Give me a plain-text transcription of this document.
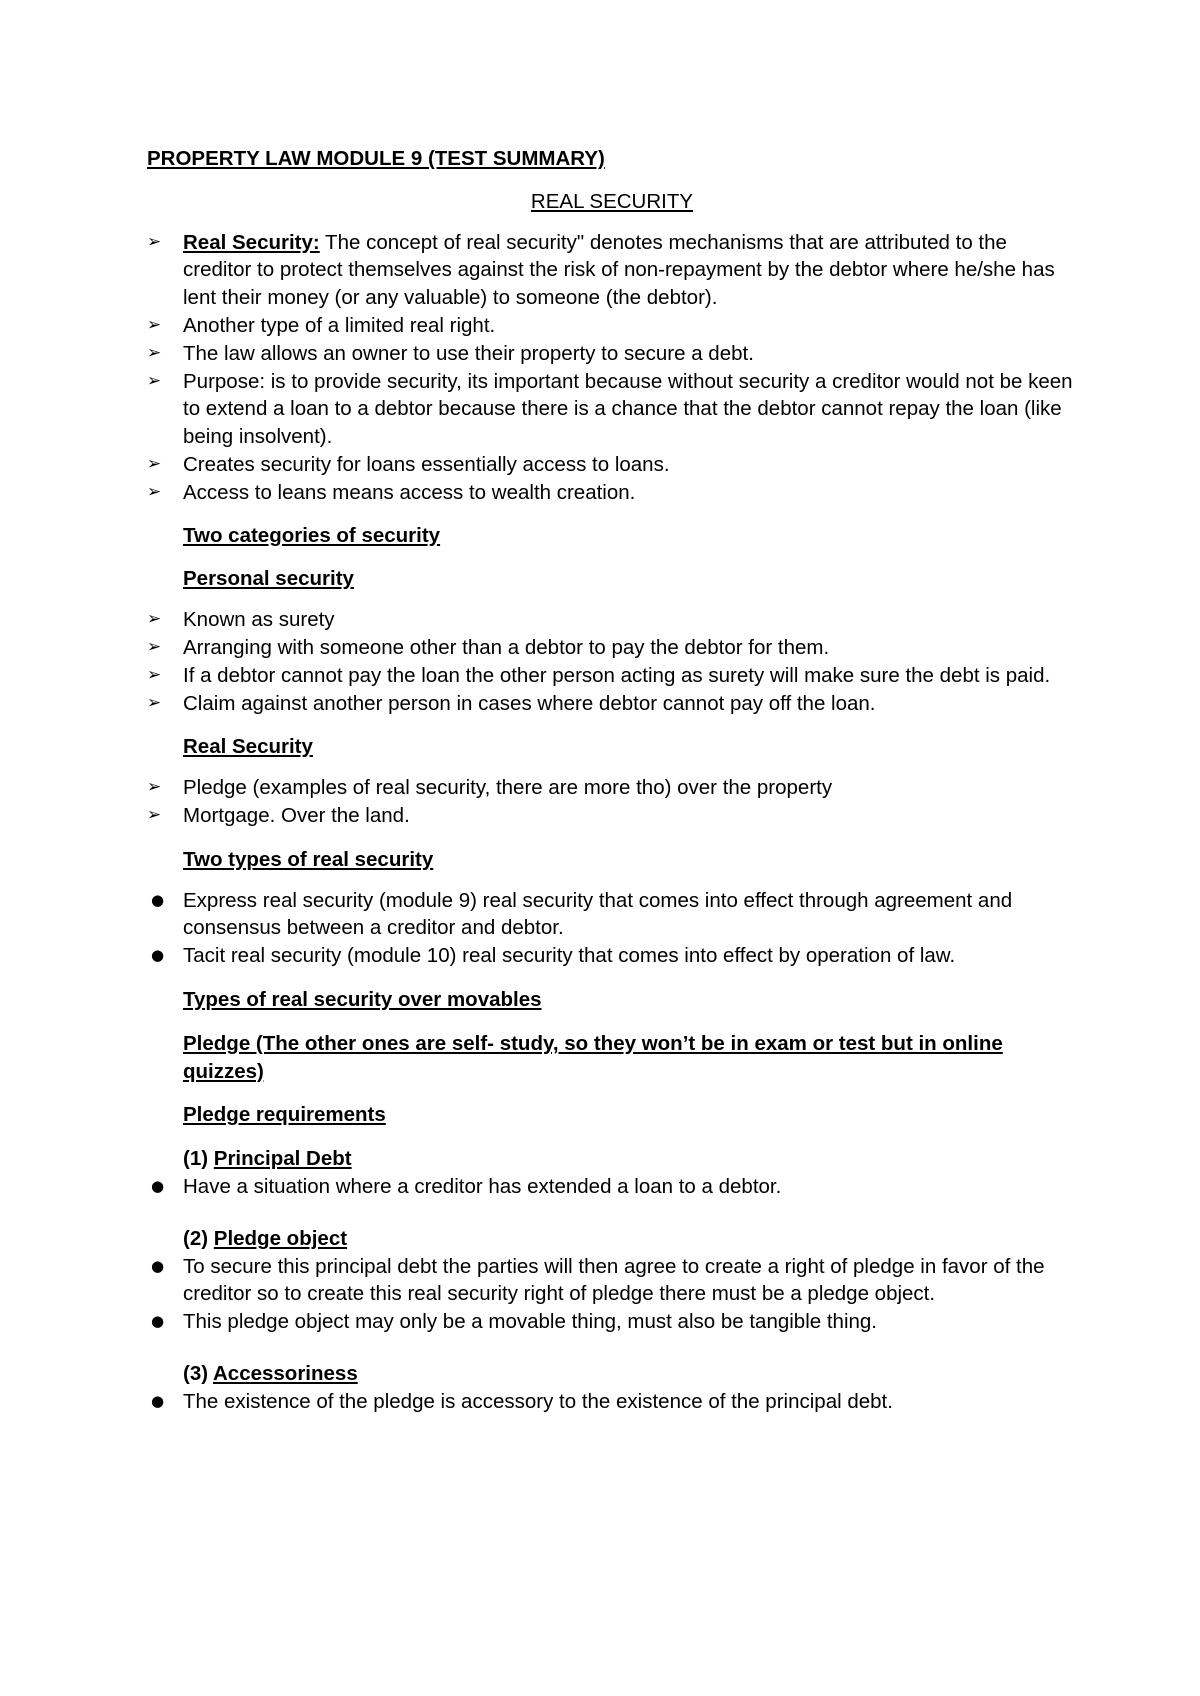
PROPERTY LAW MODULE 9 (TEST SUMMARY)

REAL SECURITY

➢	Real Security: The concept of real security" denotes mechanisms that are attributed to the creditor to protect themselves against the risk of non-repayment by the debtor where he/she has lent their money (or any valuable) to someone (the debtor).
➢	Another type of a limited real right.
➢	The law allows an owner to use their property to secure a debt.
➢	Purpose: is to provide security, its important because without security a creditor would not be keen to extend a loan to a debtor because there is a chance that the debtor cannot repay the loan (like being insolvent).
➢	Creates security for loans essentially access to loans.
➢	Access to leans means access to wealth creation.

Two categories of security

Personal security

➢	Known as surety
➢	Arranging with someone other than a debtor to pay the debtor for them.
➢	If a debtor cannot pay the loan the other person acting as surety will make sure the debt is paid.
➢	Claim against another person in cases where debtor cannot pay off the loan.

Real Security

➢	Pledge (examples of real security, there are more tho) over the property
➢	Mortgage. Over the land.

Two types of real security

● Express real security (module 9) real security that comes into effect through agreement and consensus between a creditor and debtor.
● Tacit real security (module 10) real security that comes into effect by operation of law.

Types of real security over movables

Pledge (The other ones are self- study, so they won’t be in exam or test but in online quizzes)

Pledge requirements

(1) Principal Debt

● Have a situation where a creditor has extended a loan to a debtor.

(2) Pledge object

● To secure this principal debt the parties will then agree to create a right of pledge in favor of the creditor so to create this real security right of pledge there must be a pledge object.
● This pledge object may only be a movable thing, must also be tangible thing.

(3) Accessoriness

● The existence of the pledge is accessory to the existence of the principal debt.
